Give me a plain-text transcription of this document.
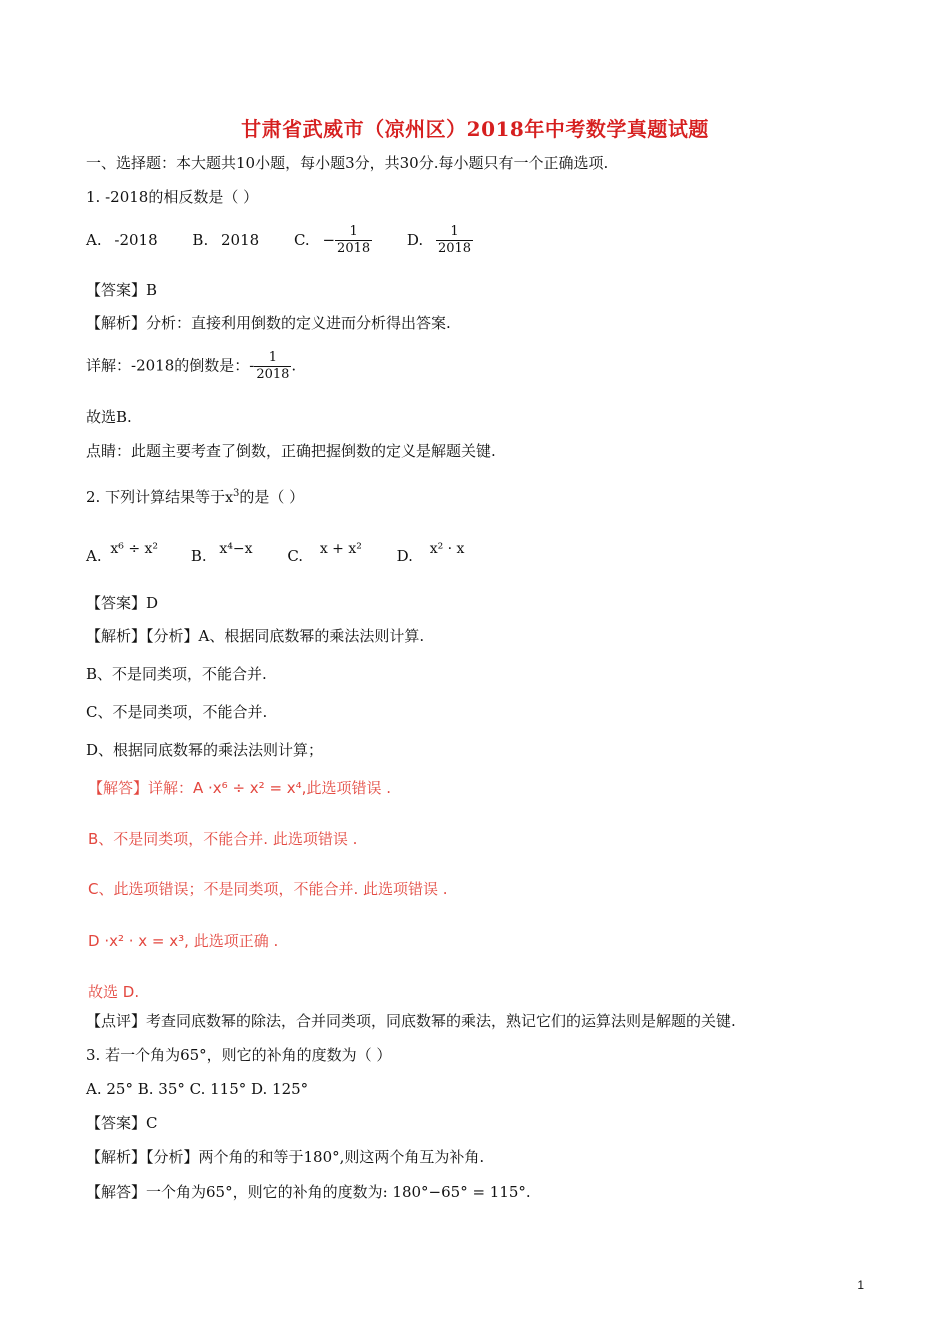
甘肃省武威市（凉州区）2018年中考数学真题试题
一、选择题：本大题共10小题，每小题3分，共30分.每小题只有一个正确选项.
1. -2018的相反数是（ ）
A. -2018 B. 2018 C. − $\frac{1}{2018} D$. $\frac{1}{2018}$
【答案】B
【解析】分析：直接利用倒数的定义进而分析得出答案.
详解：-2018的倒数是：- $\frac{1}{2018}$ .
故选B.
点睛：此题主要考查了倒数，正确把握倒数的定义是解题关键.
2. 下列计算结果等于$x^3$的是（ ）
A. x⁶ ÷ x² B. x⁴−x C. x + x² D. x² · x
【答案】D
【解析】【分析】A、根据同底数幂的乘法法则计算.
B、不是同类项，不能合并.
C、不是同类项，不能合并.
D、根据同底数幂的乘法法则计算；
【解答】详解：A ·x⁶ ÷ x² = x⁴,此选项错误 .
B、不是同类项，不能合并. 此选项错误 .
C、此选项错误；不是同类项，不能合并. 此选项错误 .
D ·x² · x = x³, 此选项正确 .
故选 D.
【点评】考查同底数幂的除法，合并同类项，同底数幂的乘法，熟记它们的运算法则是解题的关键.
3. 若一个角为65°，则它的补角的度数为（ ）
A. 25° B. 35° C. 115° D. 125°
【答案】C
【解析】【分析】两个角的和等于180°,则这两个角互为补角.
【解答】一个角为65°，则它的补角的度数为: 180°−65° = 115°.
1
